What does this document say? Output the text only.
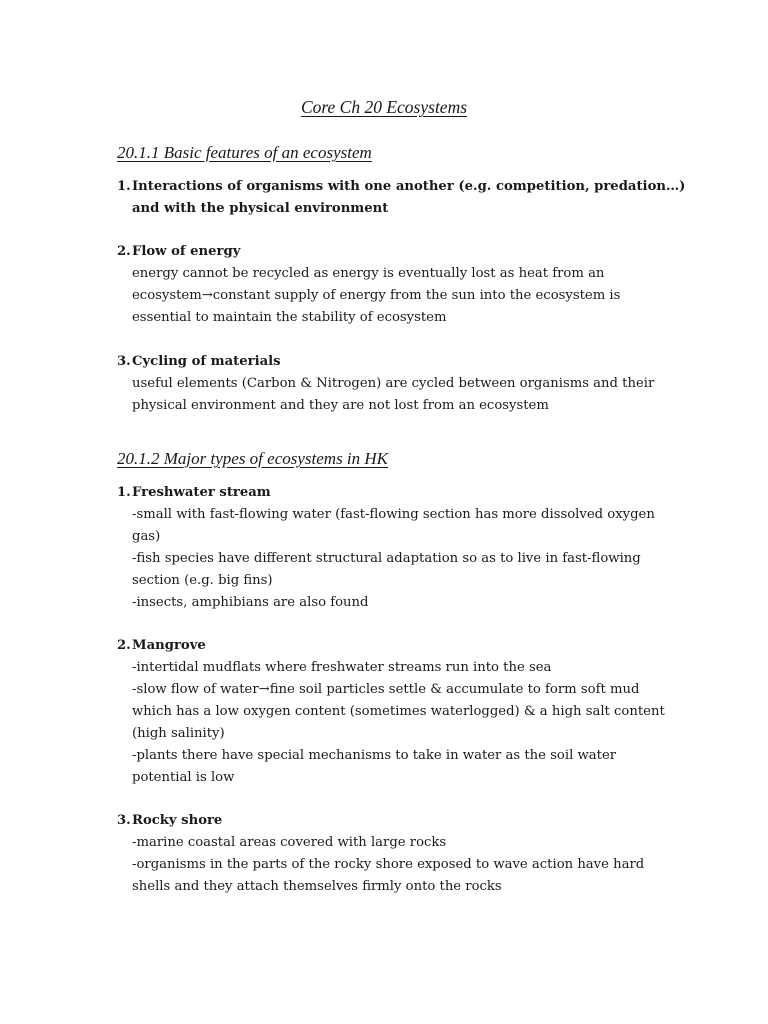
Core Ch 20 Ecosystems
20.1.1 Basic features of an ecosystem
1. Interactions of organisms with one another (e.g. competition, predation…)
and with the physical environment
2. Flow of energy
energy cannot be recycled as energy is eventually lost as heat from an
ecosystem→constant supply of energy from the sun into the ecosystem is
essential to maintain the stability of ecosystem
3. Cycling of materials
useful elements (Carbon & Nitrogen) are cycled between organisms and their
physical environment and they are not lost from an ecosystem
20.1.2 Major types of ecosystems in HK
1. Freshwater stream
-small with fast-flowing water (fast-flowing section has more dissolved oxygen
gas)
-fish species have different structural adaptation so as to live in fast-flowing
section (e.g. big fins)
-insects, amphibians are also found
2. Mangrove
-intertidal mudflats where freshwater streams run into the sea
-slow flow of water→fine soil particles settle & accumulate to form soft mud
which has a low oxygen content (sometimes waterlogged) & a high salt content
(high salinity)
-plants there have special mechanisms to take in water as the soil water
potential is low
3. Rocky shore
-marine coastal areas covered with large rocks
-organisms in the parts of the rocky shore exposed to wave action have hard
shells and they attach themselves firmly onto the rocks
